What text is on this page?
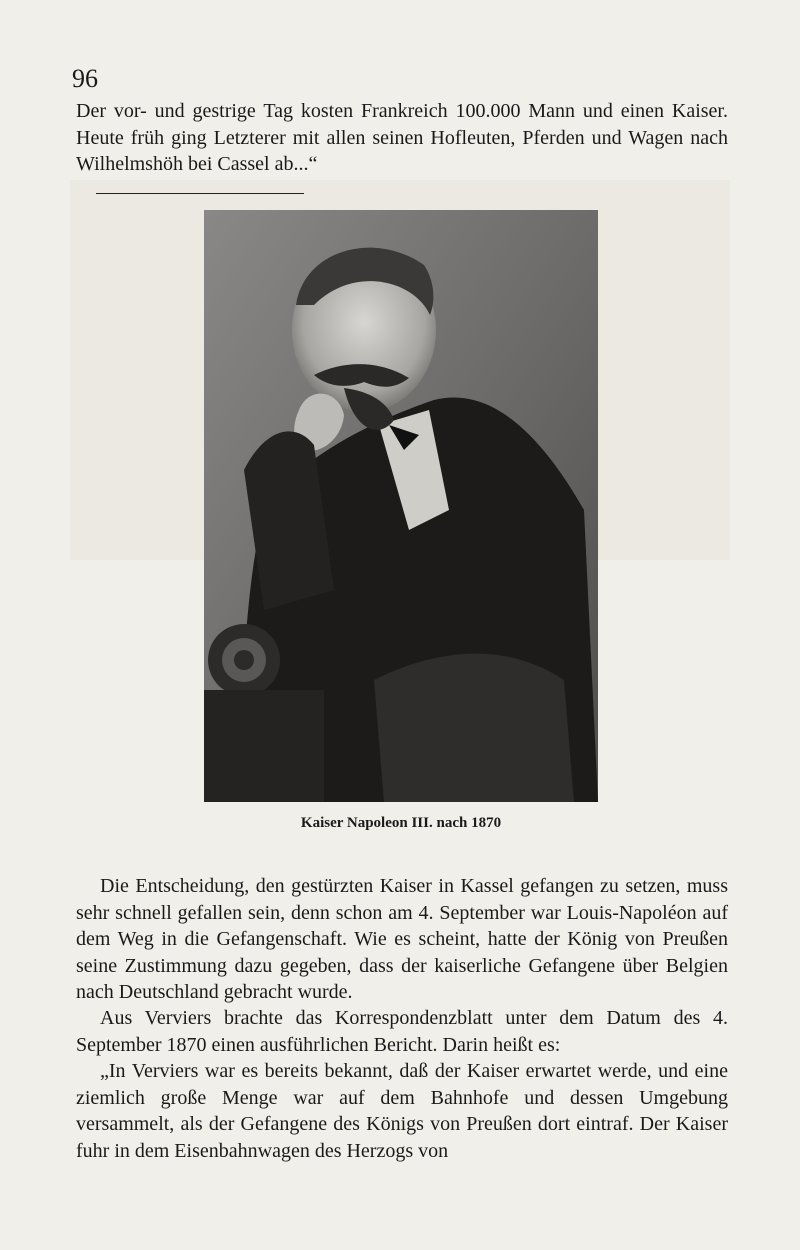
96
Der vor- und gestrige Tag kosten Frankreich 100.000 Mann und einen Kaiser. Heute früh ging Letzterer mit allen seinen Hofleuten, Pferden und Wagen nach Wilhelmshöh bei Cassel ab...“
Kaiser Napoleon III. nach 1870
Die Entscheidung, den gestürzten Kaiser in Kassel gefangen zu setzen, muss sehr schnell gefallen sein, denn schon am 4. September war Louis-Napoléon auf dem Weg in die Gefangenschaft. Wie es scheint, hatte der König von Preußen seine Zustimmung dazu gegeben, dass der kaiserliche Gefangene über Belgien nach Deutschland gebracht wurde.
Aus Verviers brachte das Korrespondenzblatt unter dem Datum des 4. September 1870 einen ausführlichen Bericht. Darin heißt es:
„In Verviers war es bereits bekannt, daß der Kaiser erwartet werde, und eine ziemlich große Menge war auf dem Bahnhofe und dessen Umgebung versammelt, als der Gefangene des Königs von Preußen dort eintraf. Der Kaiser fuhr in dem Eisenbahnwagen des Herzogs von
